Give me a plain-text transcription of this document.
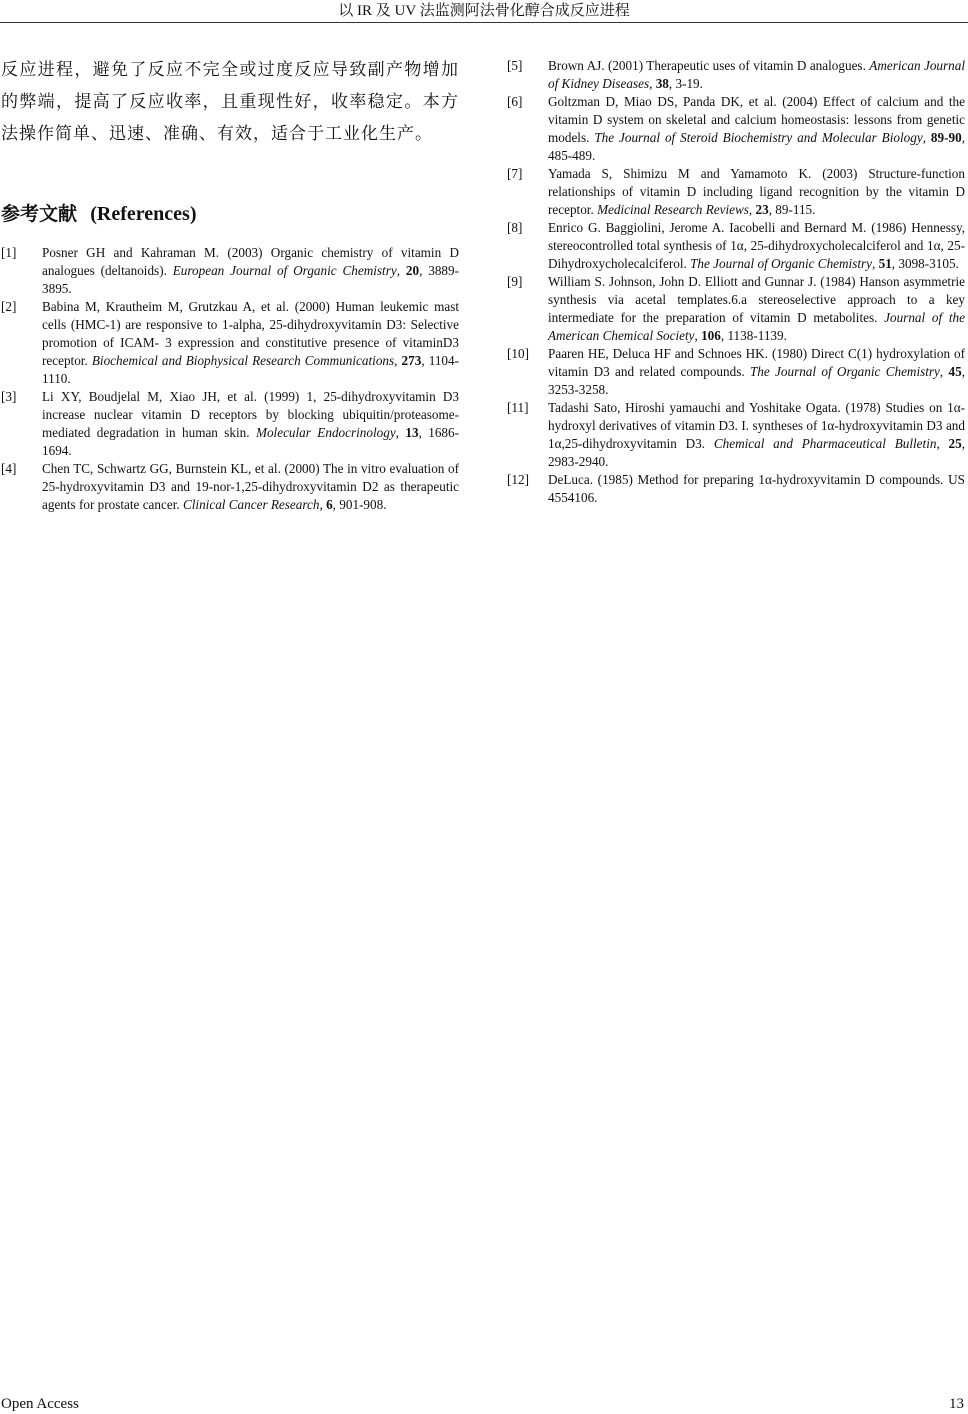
以 IR 及 UV 法监测阿法骨化醇合成反应进程

反应进程，避免了反应不完全或过度反应导致副产物增加的弊端，提高了反应收率，且重现性好，收率稳定。本方法操作简单、迅速、准确、有效，适合于工业化生产。

参考文献 (References)
[1]	Posner GH and Kahraman M. (2003) Organic chemistry of vitamin D analogues (deltanoids). European Journal of Organic Chemistry, 20, 3889- 3895.
[2]	Babina M, Krautheim M, Grutzkau A, et al. (2000) Human leukemic mast cells (HMC-1) are responsive to 1-alpha, 25-dihydroxyvitamin D3: Selective promotion of ICAM- 3 expression and constitutive presence of vitaminD3 receptor. Biochemical and Biophysical Research Communications, 273, 1104-1110.
[3]	Li XY, Boudjelal M, Xiao JH, et al. (1999) 1, 25-dihydroxyvitamin D3 increase nuclear vitamin D receptors by blocking ubiquitin/proteasome-mediated degradation in human skin. Molecular Endocrinology, 13, 1686-1694.
[4]	Chen TC, Schwartz GG, Burnstein KL, et al. (2000) The in vitro evaluation of 25-hydroxyvitamin D3 and 19-nor-1,25-dihydroxyvitamin D2 as therapeutic agents for prostate cancer. Clinical Cancer Research, 6, 901-908.
[5]	Brown AJ. (2001) Therapeutic uses of vitamin D analogues. American Journal of Kidney Diseases, 38, 3-19.
[6]	Goltzman D, Miao DS, Panda DK, et al. (2004) Effect of calcium and the vitamin D system on skeletal and calcium homeostasis: lessons from genetic models. The Journal of Steroid Biochemistry and Molecular Biology, 89-90, 485-489.
[7]	Yamada S, Shimizu M and Yamamoto K. (2003) Structure-function relationships of vitamin D including ligand recognition by the vitamin D receptor. Medicinal Research Reviews, 23, 89-115.
[8]	Enrico G. Baggiolini, Jerome A. Iacobelli and Bernard M. (1986) Hennessy, stereocontrolled total synthesis of 1α, 25-dihydroxycholecalciferol and 1α, 25-Dihydroxycholecalciferol. The Journal of Organic Chemistry, 51, 3098-3105.
[9]	William S. Johnson, John D. Elliott and Gunnar J. (1984) Hanson asymmetrie synthesis via acetal templates.6.a stereoselective approach to a key intermediate for the preparation of vitamin D metabolites. Journal of the American Chemical Society, 106, 1138-1139.
[10]	Paaren HE, Deluca HF and Schnoes HK. (1980) Direct C(1) hydroxylation of vitamin D3 and related compounds. The Journal of Organic Chemistry, 45, 3253-3258.
[11]	Tadashi Sato, Hiroshi yamauchi and Yoshitake Ogata. (1978) Studies on 1α-hydroxyl derivatives of vitamin D3. I. syntheses of 1α-hydroxyvitamin D3 and 1α,25-dihydroxyvitamin D3. Chemical and Pharmaceutical Bulletin, 25, 2983-2940.
[12]	DeLuca. (1985) Method for preparing 1α-hydroxyvitamin D compounds. US 4554106.
Open Access	13
